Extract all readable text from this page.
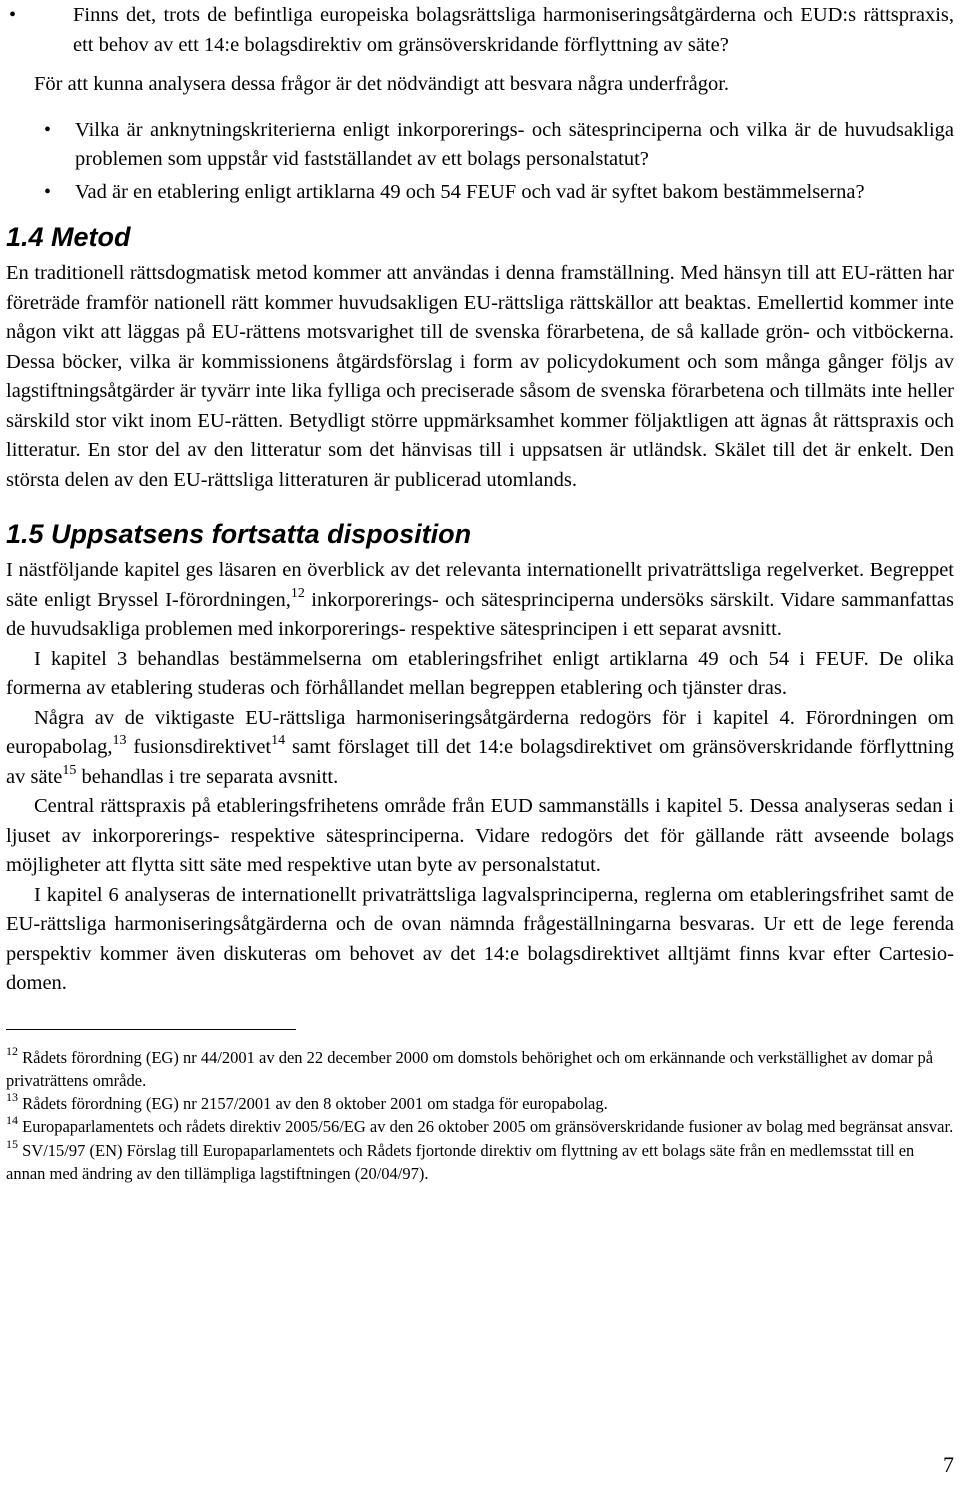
• Finns det, trots de befintliga europeiska bolagsrättsliga harmoniseringsåtgärderna och EUD:s rättspraxis, ett behov av ett 14:e bolagsdirektiv om gränsöverskridande förflyttning av säte?

För att kunna analysera dessa frågor är det nödvändigt att besvara några underfrågor.

• Vilka är anknytningskriterierna enligt inkorporerings- och sätesprinciperna och vilka är de huvudsakliga problemen som uppstår vid fastställandet av ett bolags personalstatut?
• Vad är en etablering enligt artiklarna 49 och 54 FEUF och vad är syftet bakom bestämmelserna?
1.4 Metod

En traditionell rättsdogmatisk metod kommer att användas i denna framställning. Med hänsyn till att EU-rätten har företräde framför nationell rätt kommer huvudsakligen EU-rättsliga rättskällor att beaktas. Emellertid kommer inte någon vikt att läggas på EU-rättens motsvarighet till de svenska förarbetena, de så kallade grön- och vitböckerna. Dessa böcker, vilka är kommissionens åtgärdsförslag i form av policydokument och som många gånger följs av lagstiftningsåtgärder är tyvärr inte lika fylliga och preciserade såsom de svenska förarbetena och tillmäts inte heller särskild stor vikt inom EU-rätten. Betydligt större uppmärksamhet kommer följaktligen att ägnas åt rättspraxis och litteratur. En stor del av den litteratur som det hänvisas till i uppsatsen är utländsk. Skälet till det är enkelt. Den största delen av den EU-rättsliga litteraturen är publicerad utomlands.

1.5 Uppsatsens fortsatta disposition

I nästföljande kapitel ges läsaren en överblick av det relevanta internationellt privaträttsliga regelverket. Begreppet säte enligt Bryssel I-förordningen,$^{12}$ inkorporerings- och sätesprinciperna undersöks särskilt. Vidare sammanfattas de huvudsakliga problemen med inkorporerings- respektive sätesprincipen i ett separat avsnitt.

I kapitel 3 behandlas bestämmelserna om etableringsfrihet enligt artiklarna 49 och 54 i FEUF. De olika formerna av etablering studeras och förhållandet mellan begreppen etablering och tjänster dras.

Några av de viktigaste EU-rättsliga harmoniseringsåtgärderna redogörs för i kapitel 4. Förordningen om europabolag,$^{13}$ fusionsdirektivet$^{14}$ samt förslaget till det 14:e bolagsdirektivet om gränsöverskridande förflyttning av säte$^{15}$ behandlas i tre separata avsnitt.

Central rättspraxis på etableringsfrihetens område från EUD sammanställs i kapitel 5. Dessa analyseras sedan i ljuset av inkorporerings- respektive sätesprinciperna. Vidare redogörs det för gällande rätt avseende bolags möjligheter att flytta sitt säte med respektive utan byte av personalstatut.

I kapitel 6 analyseras de internationellt privaträttsliga lagvalsprinciperna, reglerna om etableringsfrihet samt de EU-rättsliga harmoniseringsåtgärderna och de ovan nämnda frågeställningarna besvaras. Ur ett de lege ferenda perspektiv kommer även diskuteras om behovet av det 14:e bolagsdirektivet alltjämt finns kvar efter Cartesio-domen.

$^{12}$ Rådets förordning (EG) nr 44/2001 av den 22 december 2000 om domstols behörighet och om erkännande och verkställighet av domar på privaträttens område.

$^{13}$ Rådets förordning (EG) nr 2157/2001 av den 8 oktober 2001 om stadga för europabolag.

$^{14}$ Europaparlamentets och rådets direktiv 2005/56/EG av den 26 oktober 2005 om gränsöverskridande fusioner av bolag med begränsat ansvar.

$^{15}$ SV/15/97 (EN) Förslag till Europaparlamentets och Rådets fjortonde direktiv om flyttning av ett bolags säte från en medlemsstat till en annan med ändring av den tillämpliga lagstiftningen (20/04/97).

7
